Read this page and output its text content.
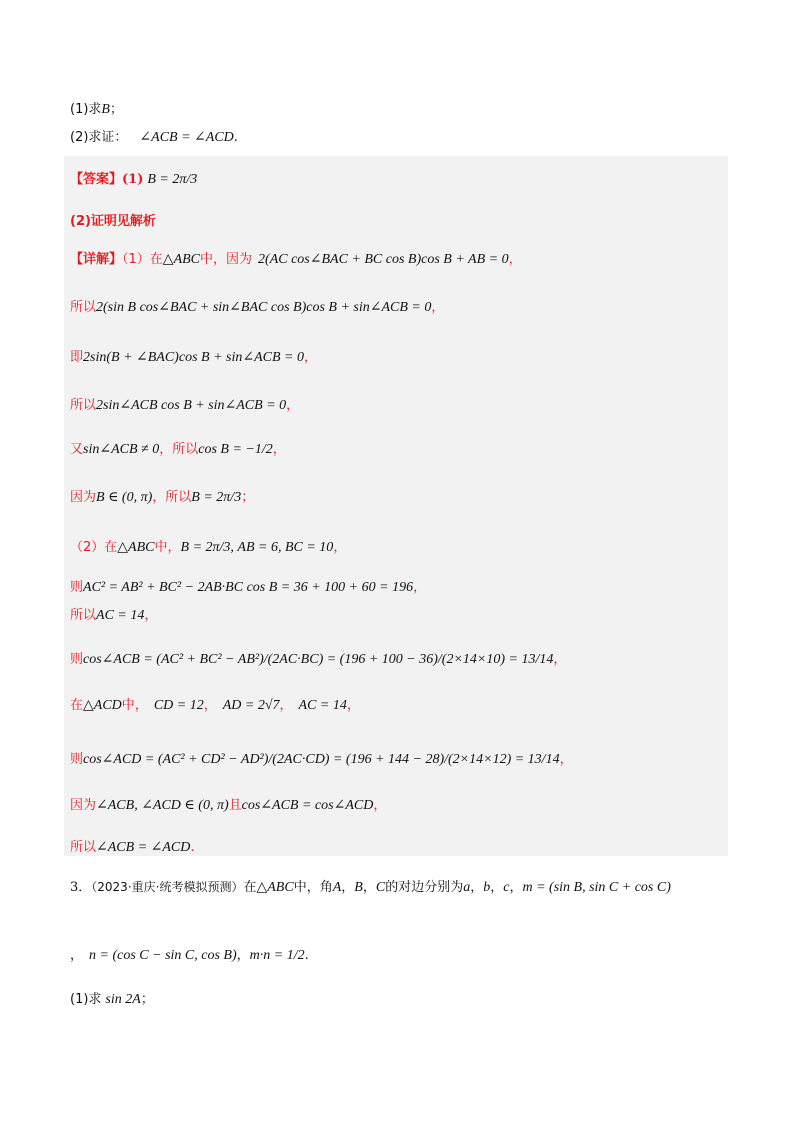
(1)求B；
(2)求证： ∠ACB = ∠ACD.
【答案】(1) B = 2π/3
(2)证明见解析
【详解】（1）在△ABC中，因为 2(AC cos∠BAC + BC cos B)cos B + AB = 0，
所以2(sin B cos∠BAC + sin∠BAC cos B)cos B + sin∠ACB = 0，
即2sin(B + ∠BAC)cos B + sin∠ACB = 0，
所以2sin∠ACB cos B + sin∠ACB = 0，
又sin∠ACB ≠ 0，所以cos B = −1/2，
因为B ∈ (0, π)，所以B = 2π/3；
（2）在△ABC中，B = 2π/3, AB = 6, BC = 10，
则AC² = AB² + BC² − 2AB·BC cos B = 36 + 100 + 60 = 196，
所以AC = 14，
则cos∠ACB = (AC² + BC² − AB²)/(2AC·BC) = (196 + 100 − 36)/(2×14×10) = 13/14，
在△ACD中， CD = 12， AD = 2√7， AC = 14，
则cos∠ACD = (AC² + CD² − AD²)/(2AC·CD) = (196 + 144 − 28)/(2×14×12) = 13/14，
因为∠ACB, ∠ACD ∈ (0, π)且cos∠ACB = cos∠ACD，
所以∠ACB = ∠ACD.
3．（2023·重庆·统考模拟预测）在△ABC中，角A，B，C的对边分别为a，b，c，m = (sin B, sin C + cos C)
， n = (cos C − sin C, cos B)，m·n = 1/2.
(1)求 sin 2A；
